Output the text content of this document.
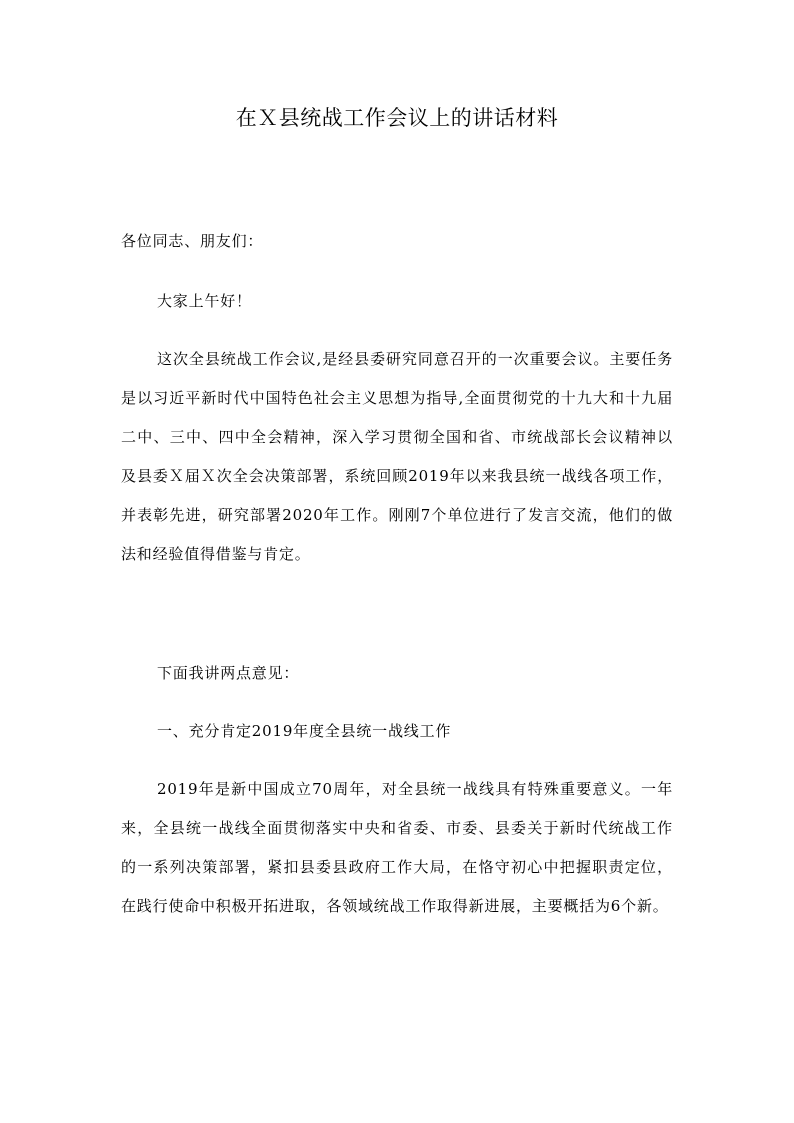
在Ｘ县统战工作会议上的讲话材料
各位同志、朋友们：
大家上午好！
这次全县统战工作会议,是经县委研究同意召开的一次重要会议。主要任务是以习近平新时代中国特色社会主义思想为指导,全面贯彻党的十九大和十九届二中、三中、四中全会精神，深入学习贯彻全国和省、市统战部长会议精神以及县委Ｘ届Ｘ次全会决策部署，系统回顾2019年以来我县统一战线各项工作，并表彰先进，研究部署2020年工作。刚刚7个单位进行了发言交流，他们的做法和经验值得借鉴与肯定。
下面我讲两点意见：
一、充分肯定2019年度全县统一战线工作
2019年是新中国成立70周年，对全县统一战线具有特殊重要意义。一年来，全县统一战线全面贯彻落实中央和省委、市委、县委关于新时代统战工作的一系列决策部署，紧扣县委县政府工作大局，在恪守初心中把握职责定位，在践行使命中积极开拓进取，各领域统战工作取得新进展，主要概括为6个新。
